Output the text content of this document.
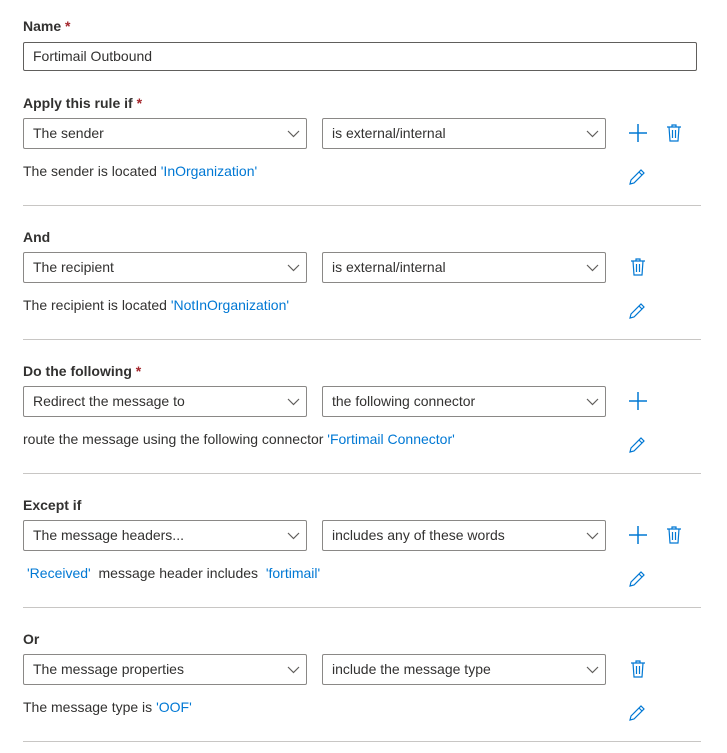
Name *
Fortimail Outbound
Apply this rule if *
The sender	is external/internal
The sender is located 'InOrganization'
And
The recipient	is external/internal
The recipient is located 'NotInOrganization'
Do the following *
Redirect the message to	the following connector
route the message using the following connector 'Fortimail Connector'
Except if
The message headers...	includes any of these words
'Received'  message header includes  'fortimail'
Or
The message properties	include the message type
The message type is 'OOF'
